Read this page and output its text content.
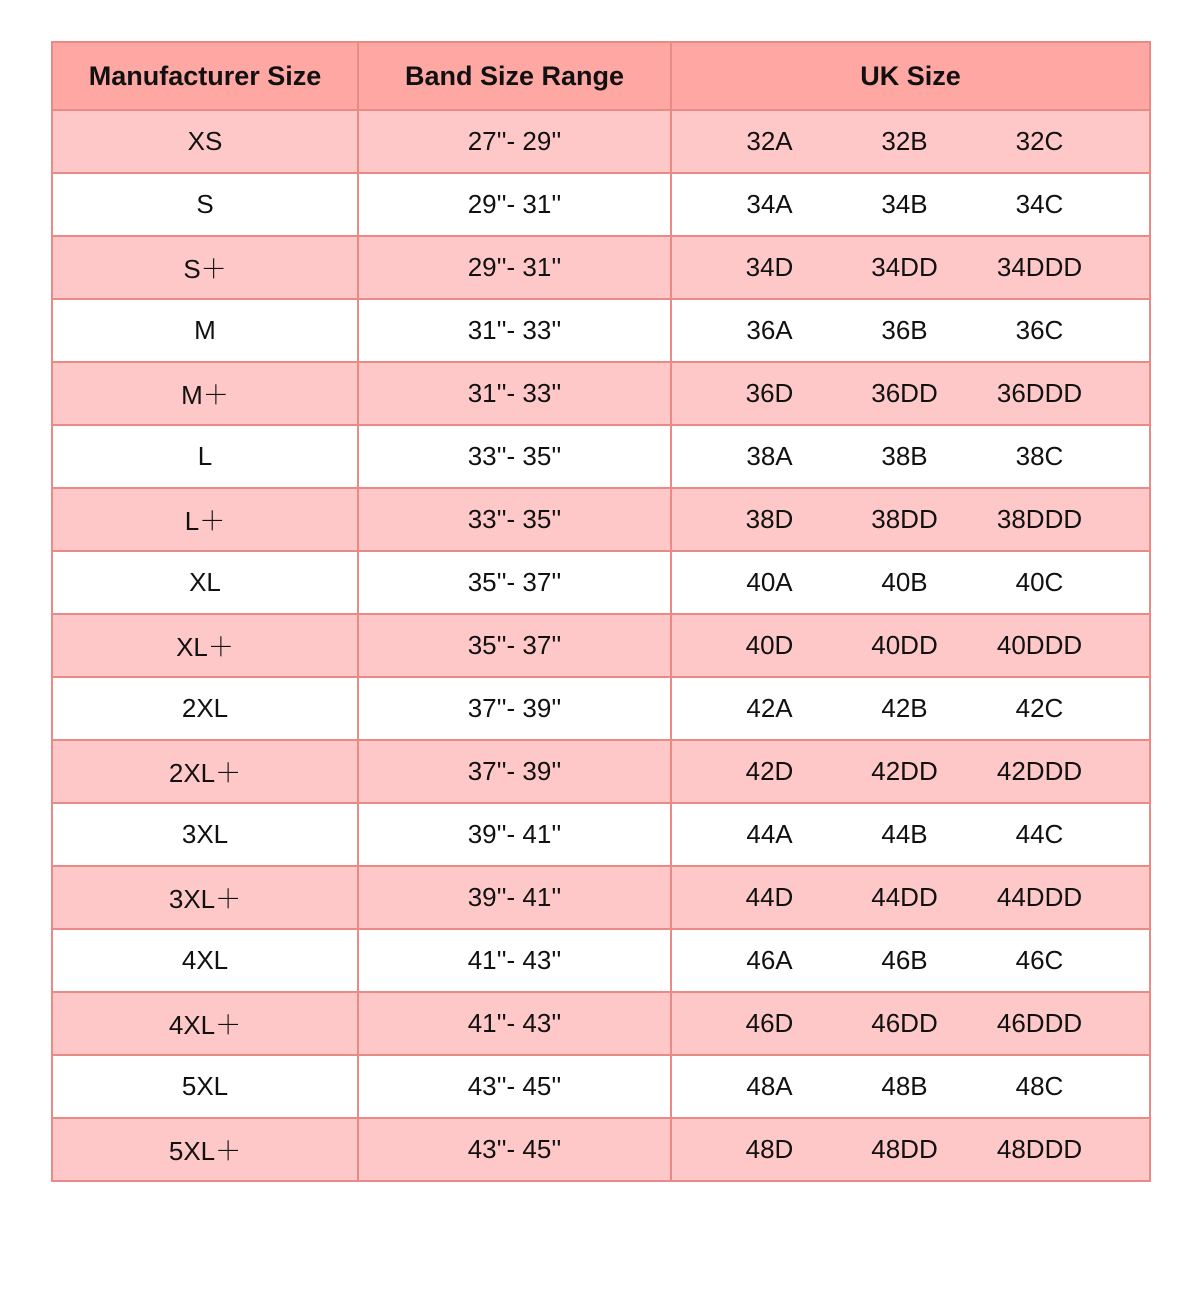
Manufacturer Size	Band Size Range	UK Size

XS	27''- 29''	32A 32B 32C

S	29''- 31''	34A 34B 34C

S＋	29''- 31''	34D 34DD 34DDD

M	31''- 33''	36A 36B 36C

M＋	31''- 33''	36D 36DD 36DDD

L	33''- 35''	38A 38B 38C

L＋	33''- 35''	38D 38DD 38DDD

XL	35''- 37''	40A 40B 40C

XL＋	35''- 37''	40D 40DD 40DDD

2XL	37''- 39''	42A 42B 42C

2XL＋	37''- 39''	42D 42DD 42DDD

3XL	39''- 41''	44A 44B 44C

3XL＋	39''- 41''	44D 44DD 44DDD

4XL	41''- 43''	46A 46B 46C

4XL＋	41''- 43''	46D 46DD 46DDD

5XL	43''- 45''	48A 48B 48C

5XL＋	43''- 45''	48D 48DD 48DDD
